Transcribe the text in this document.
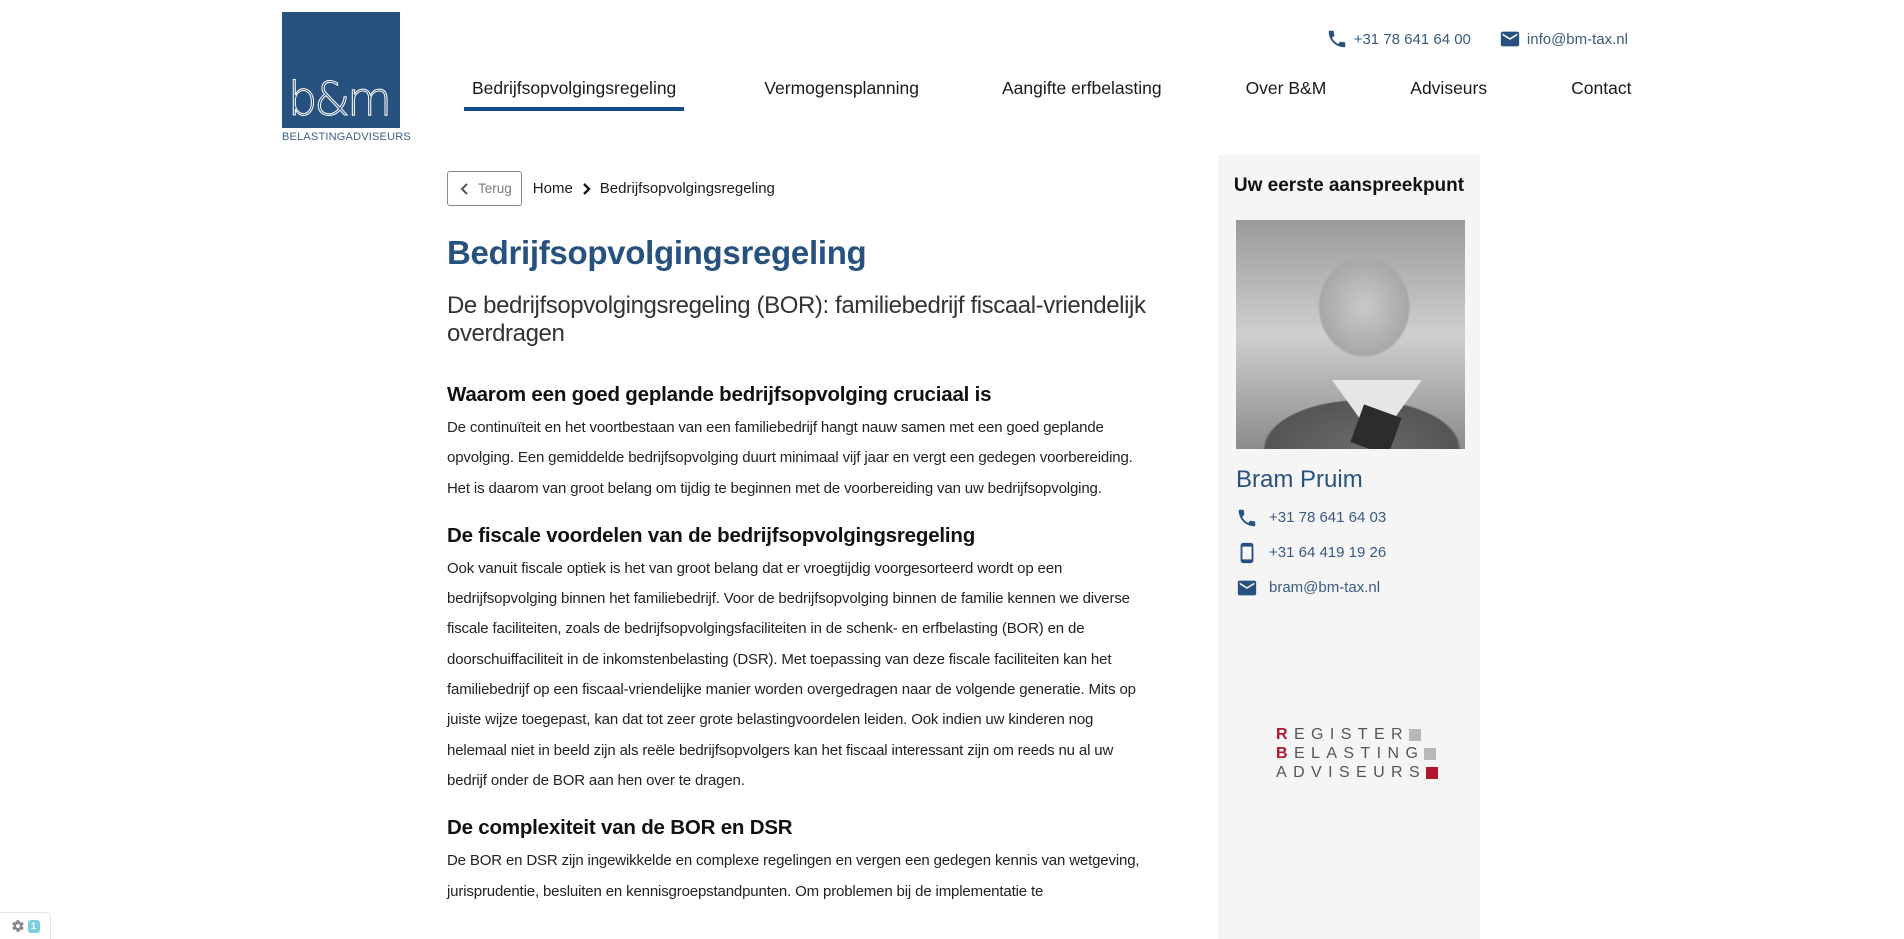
b&m
BELASTINGADVISEURS
+31 78 641 64 00	info@bm-tax.nl
Bedrijfsopvolgingsregeling	Vermogensplanning	Aangifte erfbelasting	Over B&M	Adviseurs	Contact
Terug Home Bedrijfsopvolgingsregeling
Bedrijfsopvolgingsregeling
De bedrijfsopvolgingsregeling (BOR): familiebedrijf fiscaal-vriendelijk overdragen
Waarom een goed geplande bedrijfsopvolging cruciaal is

De continuïteit en het voortbestaan van een familiebedrijf hangt nauw samen met een goed geplande opvolging. Een gemiddelde bedrijfsopvolging duurt minimaal vijf jaar en vergt een gedegen voorbereiding. Het is daarom van groot belang om tijdig te beginnen met de voorbereiding van uw bedrijfsopvolging.

De fiscale voordelen van de bedrijfsopvolgingsregeling

Ook vanuit fiscale optiek is het van groot belang dat er vroegtijdig voorgesorteerd wordt op een bedrijfsopvolging binnen het familiebedrijf. Voor de bedrijfsopvolging binnen de familie kennen we diverse fiscale faciliteiten, zoals de bedrijfsopvolgingsfaciliteiten in de schenk- en erfbelasting (BOR) en de doorschuiffaciliteit in de inkomstenbelasting (DSR). Met toepassing van deze fiscale faciliteiten kan het familiebedrijf op een fiscaal-vriendelijke manier worden overgedragen naar de volgende generatie. Mits op juiste wijze toegepast, kan dat tot zeer grote belastingvoordelen leiden. Ook indien uw kinderen nog helemaal niet in beeld zijn als reële bedrijfsopvolgers kan het fiscaal interessant zijn om reeds nu al uw bedrijf onder de BOR aan hen over te dragen.

De complexiteit van de BOR en DSR

De BOR en DSR zijn ingewikkelde en complexe regelingen en vergen een gedegen kennis van wetgeving, jurisprudentie, besluiten en kennisgroepstandpunten. Om problemen bij de implementatie te

Uw eerste aanspreekpunt
Bram Pruim
+31 78 641 64 03
+31 64 419 19 26
bram@bm-tax.nl
R EGISTER
B ELASTING
ADVISEURS
1
